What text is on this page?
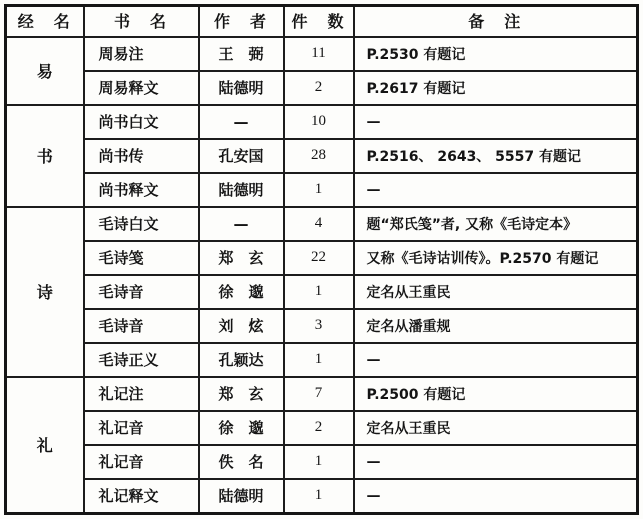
经　名	书　名	作　者	件　数	备　注
易	周易注	王　弼	11	P.2530 有题记
	周易释文	陆德明	2	P.2617 有题记
书	尚书白文	—	10	—
	尚书传	孔安国	28	P.2516、 2643、 5557 有题记
	尚书释文	陆德明	1	—
诗	毛诗白文	—	4	题“郑氏笺”者, 又称《毛诗定本》
	毛诗笺	郑　玄	22	又称《毛诗诂训传》。P.2570 有题记
	毛诗音	徐　邈	1	定名从王重民
	毛诗音	刘　炫	3	定名从潘重规
	毛诗正义	孔颖达	1	—
礼	礼记注	郑　玄	7	P.2500 有题记
	礼记音	徐　邈	2	定名从王重民
	礼记音	佚　名	1	—
	礼记释文	陆德明	1	—
